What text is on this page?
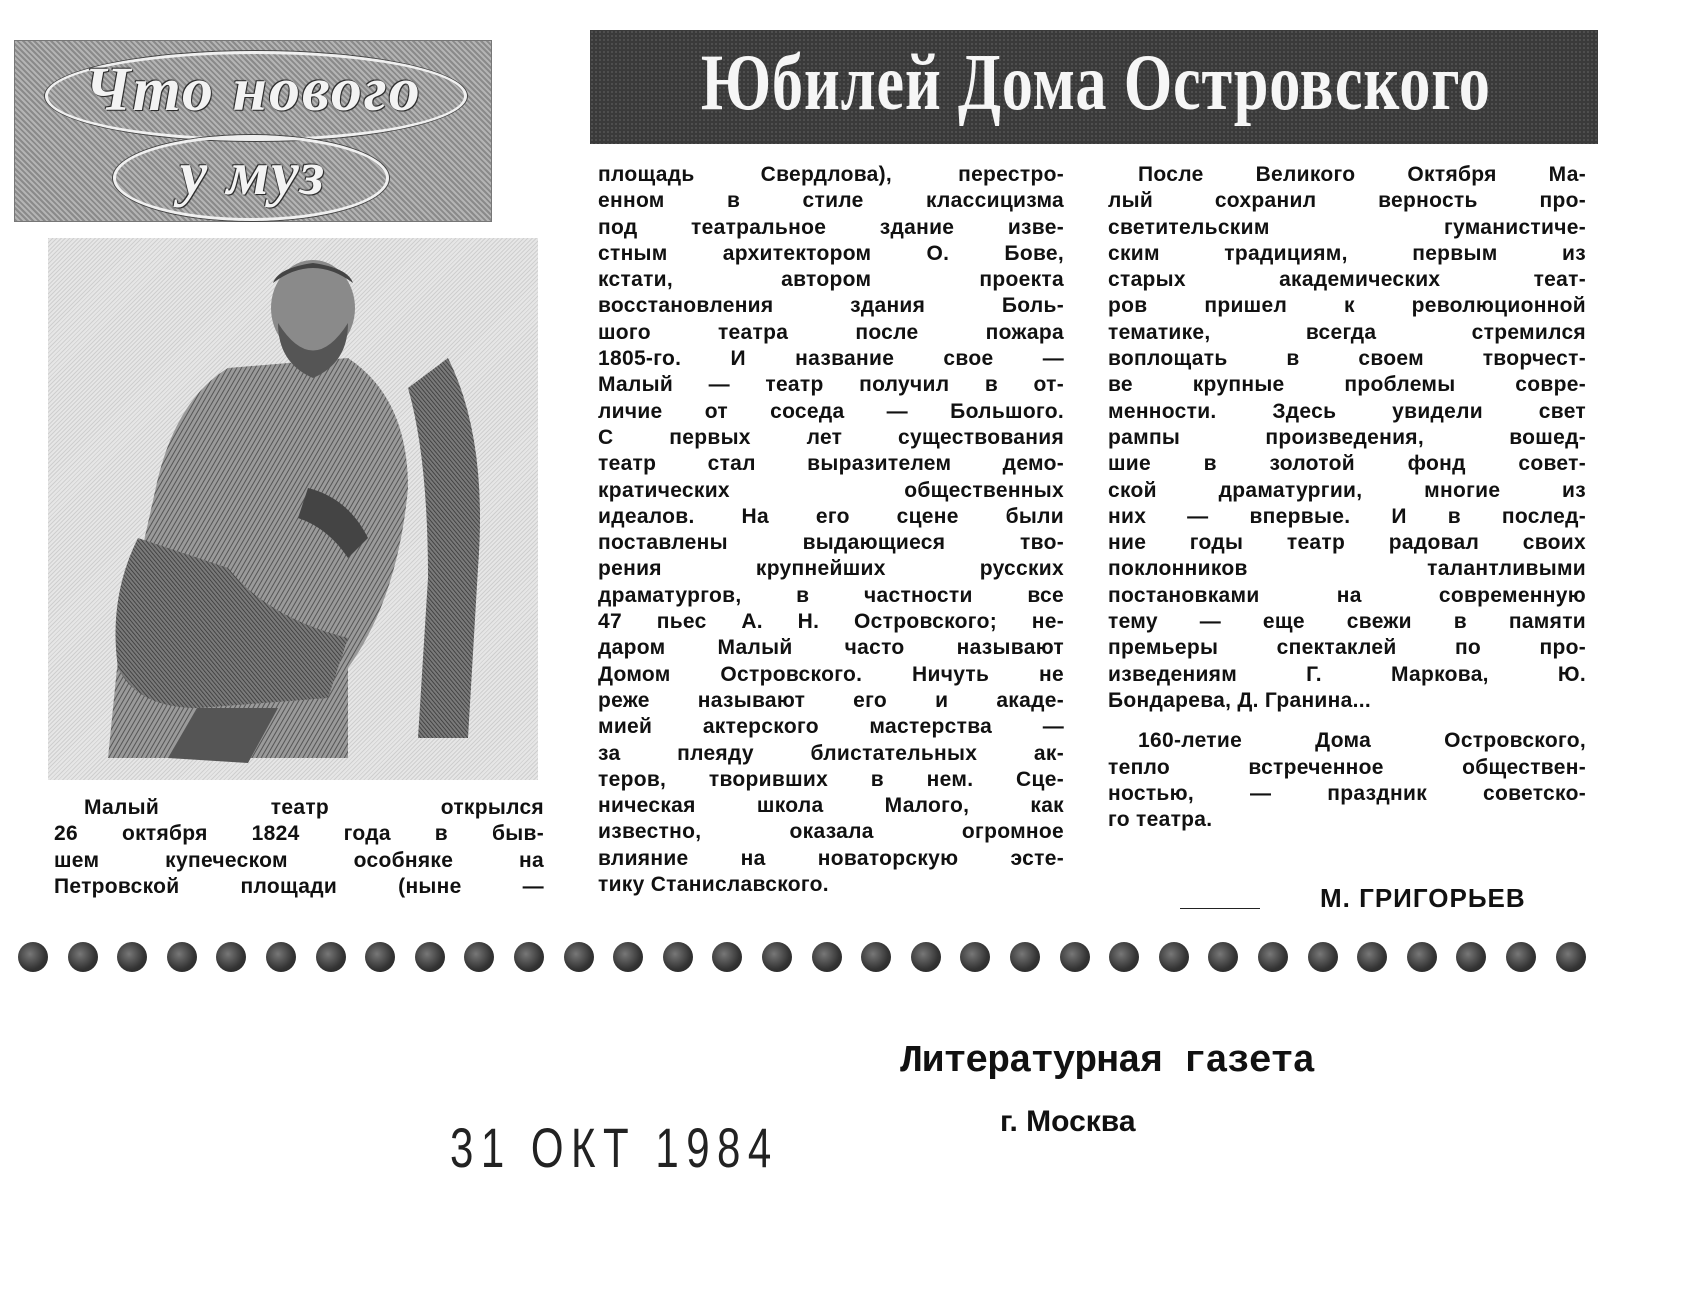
Что нового
у муз
Юбилей Дома Островского
Малый театр открылся
26 октября 1824 года в быв-
шем купеческом особняке на
Петровской площади (ныне —
площадь Свердлова), перестро-
енном в стиле классицизма
под театральное здание изве-
стным архитектором О. Бове,
кстати, автором проекта
восстановления здания Боль-
шого театра после пожара
1805-го. И название свое —
Малый — театр получил в от-
личие от соседа — Большого.
С первых лет существования
театр стал выразителем демо-
кратических общественных
идеалов. На его сцене были
поставлены выдающиеся тво-
рения крупнейших русских
драматургов, в частности все
47 пьес А. Н. Островского; не-
даром Малый часто называют
Домом Островского. Ничуть не
реже называют его и акаде-
мией актерского мастерства —
за плеяду блистательных ак-
теров, творивших в нем. Сце-
ническая школа Малого, как
известно, оказала огромное
влияние на новаторскую эсте-
тику Станиславского.
После Великого Октября Ма-
лый сохранил верность про-
светительским гуманистиче-
ским традициям, первым из
старых академических теат-
ров пришел к революционной
тематике, всегда стремился
воплощать в своем творчест-
ве крупные проблемы совре-
менности. Здесь увидели свет
рампы произведения, вошед-
шие в золотой фонд совет-
ской драматургии, многие из
них — впервые. И в послед-
ние годы театр радовал своих
поклонников талантливыми
постановками на современную
тему — еще свежи в памяти
премьеры спектаклей по про-
изведениям Г. Маркова, Ю.
Бондарева, Д. Гранина...
160-летие Дома Островского,
тепло встреченное обществен-
ностью, — праздник советско-
го театра.
М. ГРИГОРЬЕВ
Литературная газета
г. Москва
31 ОКТ 1984
